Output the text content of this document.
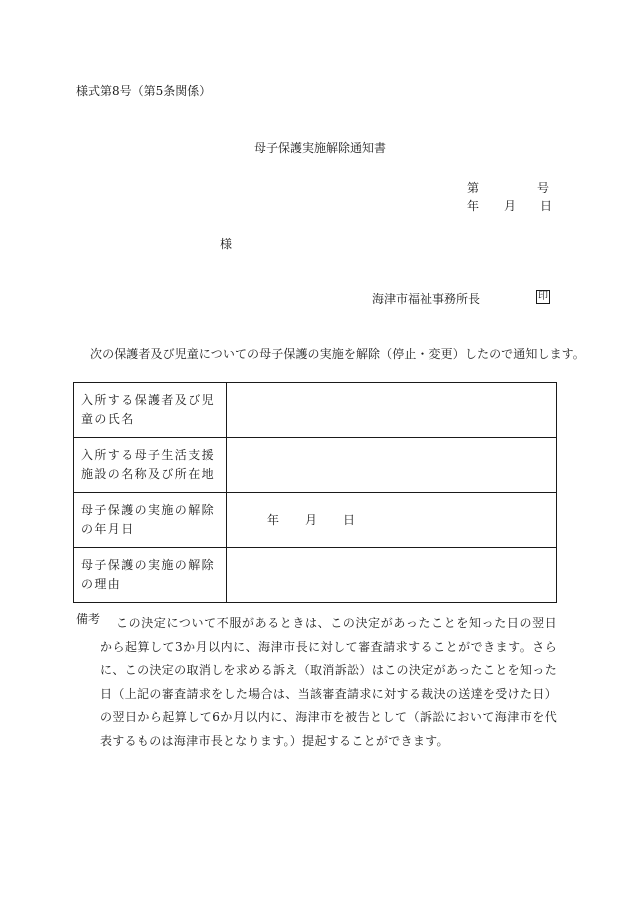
様式第8号（第5条関係）
母子保護実施解除通知書
第	号
年 月 日
様
海津市福祉事務所長	印
次の保護者及び児童についての母子保護の実施を解除（停止・変更）したので通知します。
入所する保護者及び児童の氏名	
入所する母子生活支援施設の名称及び所在地	
母子保護の実施の解除の年月日	年 月 日
母子保護の実施の解除の理由	
備考	この決定について不服があるときは、この決定があったことを知った日の翌日から起算して3か月以内に、海津市長に対して審査請求することができます。さらに、この決定の取消しを求める訴え（取消訴訟）はこの決定があったことを知った日（上記の審査請求をした場合は、当該審査請求に対する裁決の送達を受けた日）の翌日から起算して6か月以内に、海津市を被告として（訴訟において海津市を代表するものは海津市長となります。）提起することができます。
